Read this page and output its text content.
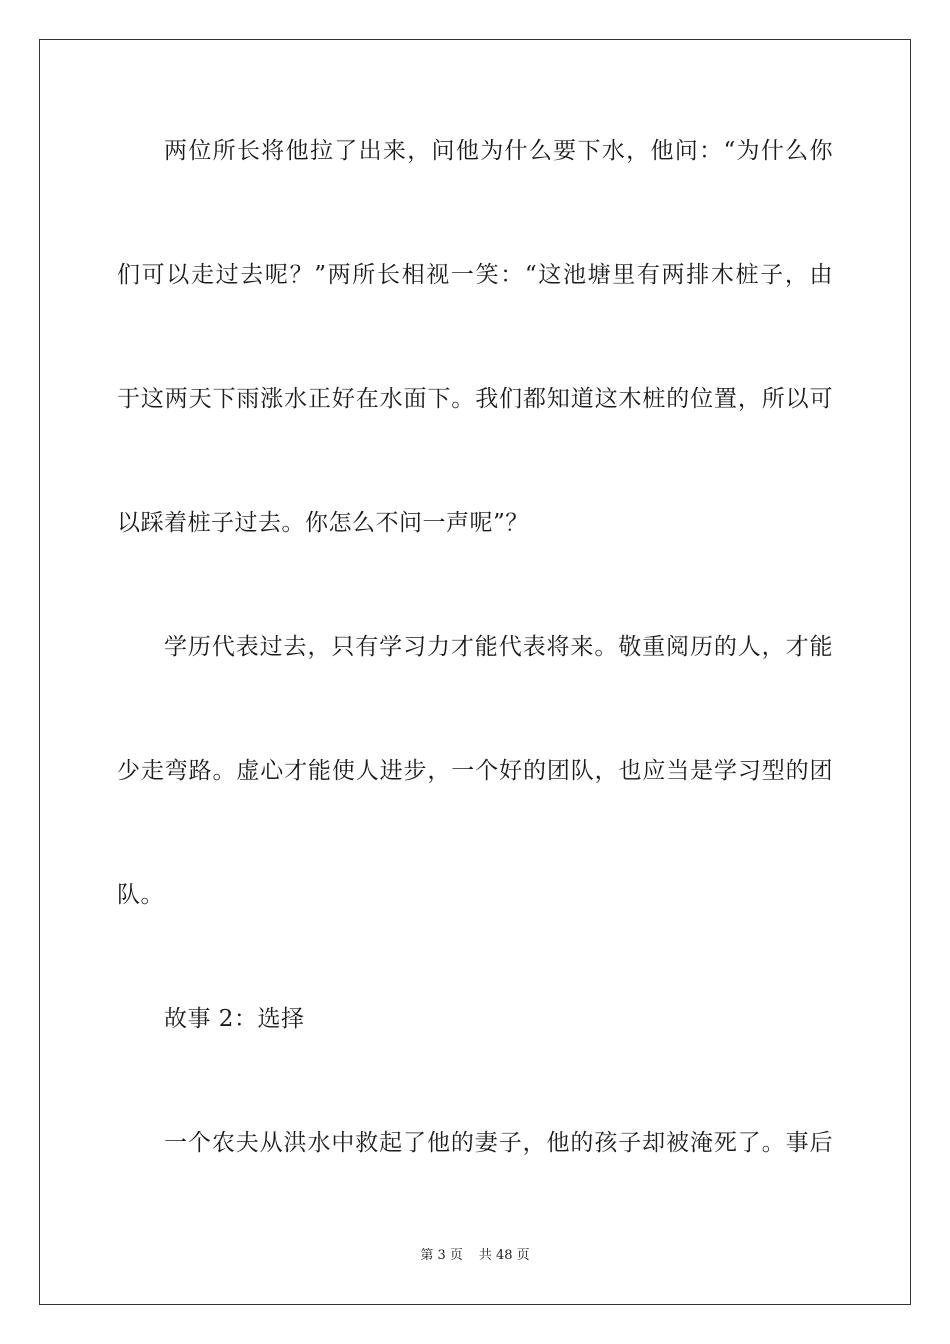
两位所长将他拉了出来，问他为什么要下水，他问：“为什么你
们可以走过去呢？”两所长相视一笑：“这池塘里有两排木桩子，由
于这两天下雨涨水正好在水面下。我们都知道这木桩的位置，所以可
以踩着桩子过去。你怎么不问一声呢”？
学历代表过去，只有学习力才能代表将来。敬重阅历的人，才能
少走弯路。虚心才能使人进步，一个好的团队，也应当是学习型的团
队。
故事 2：选择
一个农夫从洪水中救起了他的妻子，他的孩子却被淹死了。事后
第 3 页 共 48 页
